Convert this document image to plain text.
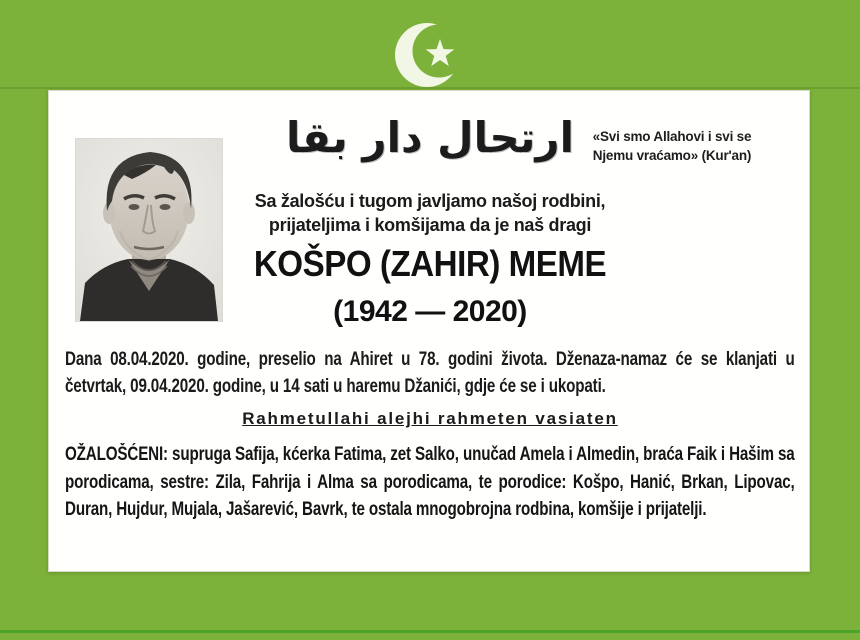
ارتحال دار بقا	«Svi smo Allahovi i svi se
Njemu vraćamo» (Kur'an)
Sa žalošću i tugom javljamo našoj rodbini,
prijateljima i komšijama da je naš dragi
KOŠPO (ZAHIR) MEME
(1942 — 2020)
Dana 08.04.2020. godine, preselio na Ahiret u 78. godini života. Dženaza-namaz će se klanjati u četvrtak, 09.04.2020. godine, u 14 sati u haremu Džanići, gdje će se i ukopati.
Rahmetullahi alejhi rahmeten vasiaten
OŽALOŠĆENI: supruga Safija, kćerka Fatima, zet Salko, unučad Amela i Almedin, braća Faik i Hašim sa porodicama, sestre: Zila, Fahrija i Alma sa porodicama, te porodice: Košpo, Hanić, Brkan, Lipovac, Duran, Hujdur, Mujala, Jašarević, Bavrk, te ostala mnogobrojna rodbina, komšije i prijatelji.
